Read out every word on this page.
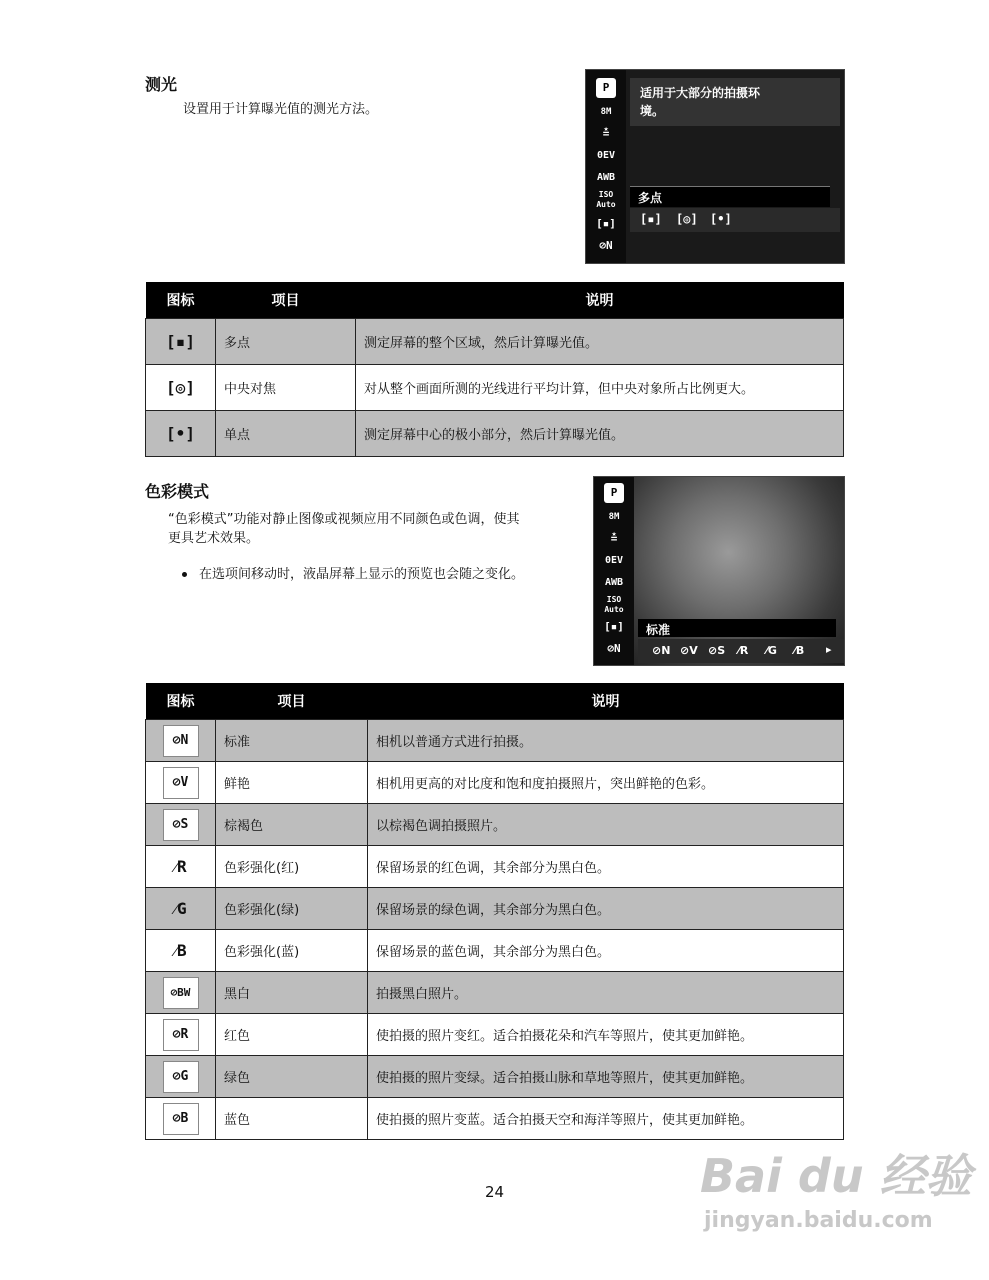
测光
设置用于计算曝光值的测光方法。
P
8M
≛
0EV
AWB
ISO Auto
[▪]
⊘N
适用于大部分的拍摄环
境。
多点
[▪] [◎] [•]
图标	项目	说明
[▪]	多点	测定屏幕的整个区域，然后计算曝光值。
[◎]	中央对焦	对从整个画面所测的光线进行平均计算，但中央对象所占比例更大。
[•]	单点	测定屏幕中心的极小部分，然后计算曝光值。
色彩模式
“色彩模式”功能对静止图像或视频应用不同颜色或色调，使其
更具艺术效果。
在选项间移动时，液晶屏幕上显示的预览也会随之变化。
P
8M
≛
0EV
AWB
ISO Auto
[▪]
⊘N
标准
⊘N ⊘V ⊘S ⁄R ⁄G ⁄B ▸
图标	项目	说明
⊘N	标准	相机以普通方式进行拍摄。
⊘V	鲜艳	相机用更高的对比度和饱和度拍摄照片，突出鲜艳的色彩。
⊘S	棕褐色	以棕褐色调拍摄照片。
⁄R	色彩强化(红)	保留场景的红色调，其余部分为黑白色。
⁄G	色彩强化(绿)	保留场景的绿色调，其余部分为黑白色。
⁄B	色彩强化(蓝)	保留场景的蓝色调，其余部分为黑白色。
⊘BW	黑白	拍摄黑白照片。
⊘R	红色	使拍摄的照片变红。适合拍摄花朵和汽车等照片，使其更加鲜艳。
⊘G	绿色	使拍摄的照片变绿。适合拍摄山脉和草地等照片，使其更加鲜艳。
⊘B	蓝色	使拍摄的照片变蓝。适合拍摄天空和海洋等照片，使其更加鲜艳。
24	Bai du 经验
jingyan.baidu.com
